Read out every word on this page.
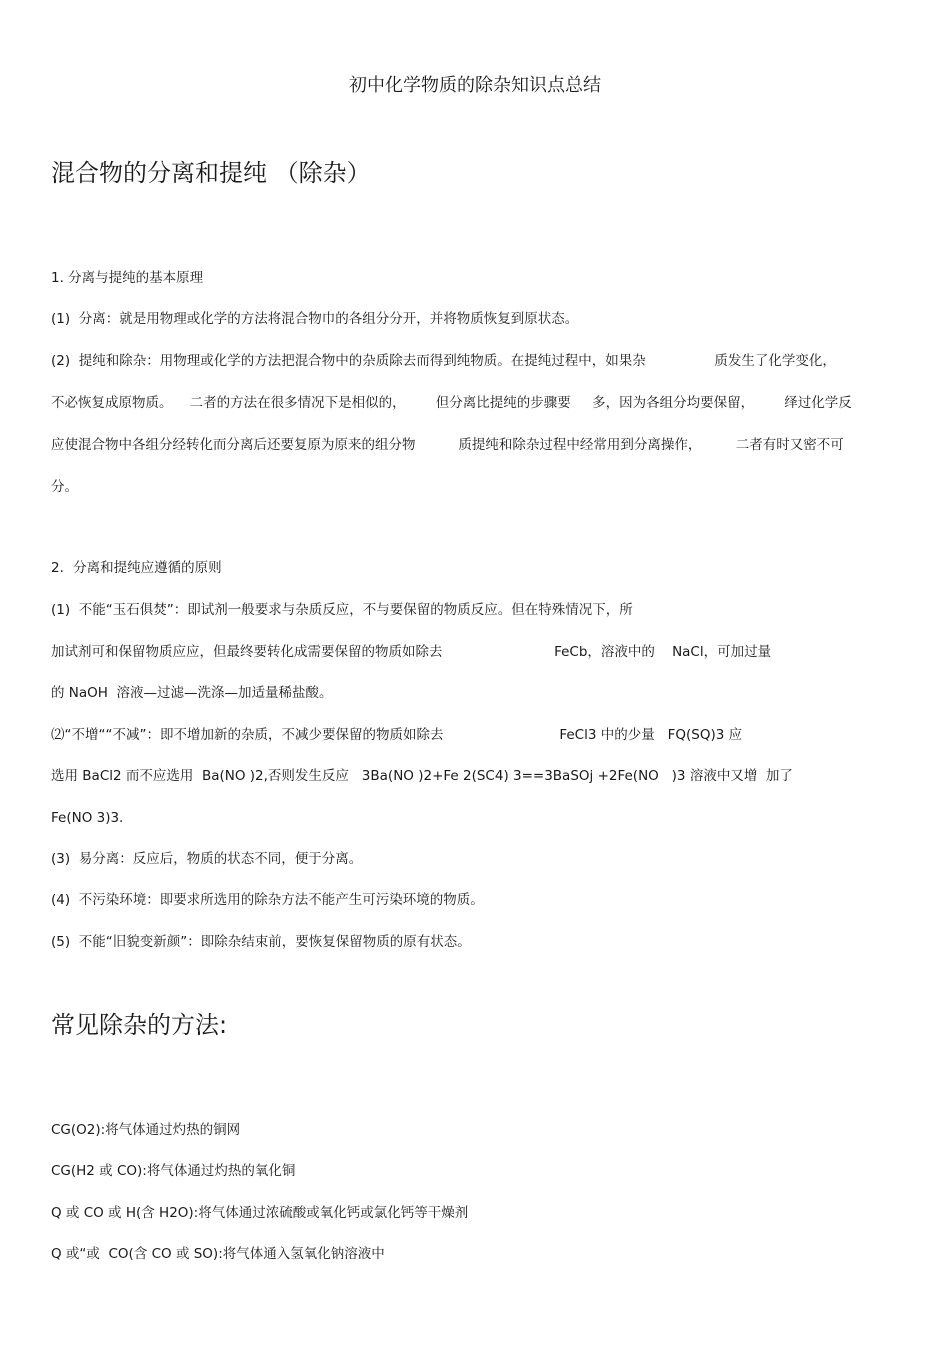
初中化学物质的除杂知识点总结
混合物的分离和提纯 （除杂）
1. 分离与提纯的基本原理
(1)  分离：就是用物理或化学的方法将混合物巾的各组分分开，并将物质恢复到原状态。
(2)  提纯和除杂：用物理或化学的方法把混合物中的杂质除去而得到纯物质。在提纯过程中，如果杂                质发生了化学变化，
不必恢复成原物质。    二者的方法在很多情况下是相似的，       但分离比提纯的步骤要     多，因为各组分均要保留，       绎过化学反
应使混合物中各组分经转化而分离后还要复原为原来的组分物          质提纯和除杂过程中经常用到分离操作，        二者有时又密不可
分。
2．分离和提纯应遵循的原则
(1)  不能“玉石俱焚”：即试剂一般要求与杂质反应，不与要保留的物质反应。但在特殊情况下，所
加试剂可和保留物质应应，但最终要转化成需要保留的物质如除去                          FeCb，溶液中的    NaCl，可加过量
的 NaOH  溶液—过滤—洗涤—加适量稀盐酸。
⑵“不增““不减”：即不增加新的杂质，不减少要保留的物质如除去                           FeCl3 中的少量   FQ(SQ)3 应
选用 BaCl2 而不应选用  Ba(NO )2,否则发生反应   3Ba(NO )2+Fe 2(SC4) 3==3BaSOj +2Fe(NO   )3 溶液中又增  加了
Fe(NO 3)3.
(3)  易分离：反应后，物质的状态不同，便于分离。
(4)  不污染环境：即要求所选用的除杂方法不能产生可污染环境的物质。
(5)  不能“旧貌变新颜”：即除杂结束前，要恢复保留物质的原有状态。
常见除杂的方法:
CG(O2):将气体通过灼热的铜网
CG(H2 或 CO):将气体通过灼热的氧化铜
Q 或 CO 或 H(含 H2O):将气体通过浓硫酸或氧化钙或氯化钙等干燥剂
Q 或“或  CO(含 CO 或 SO):将气体通入氢氧化钠溶液中
